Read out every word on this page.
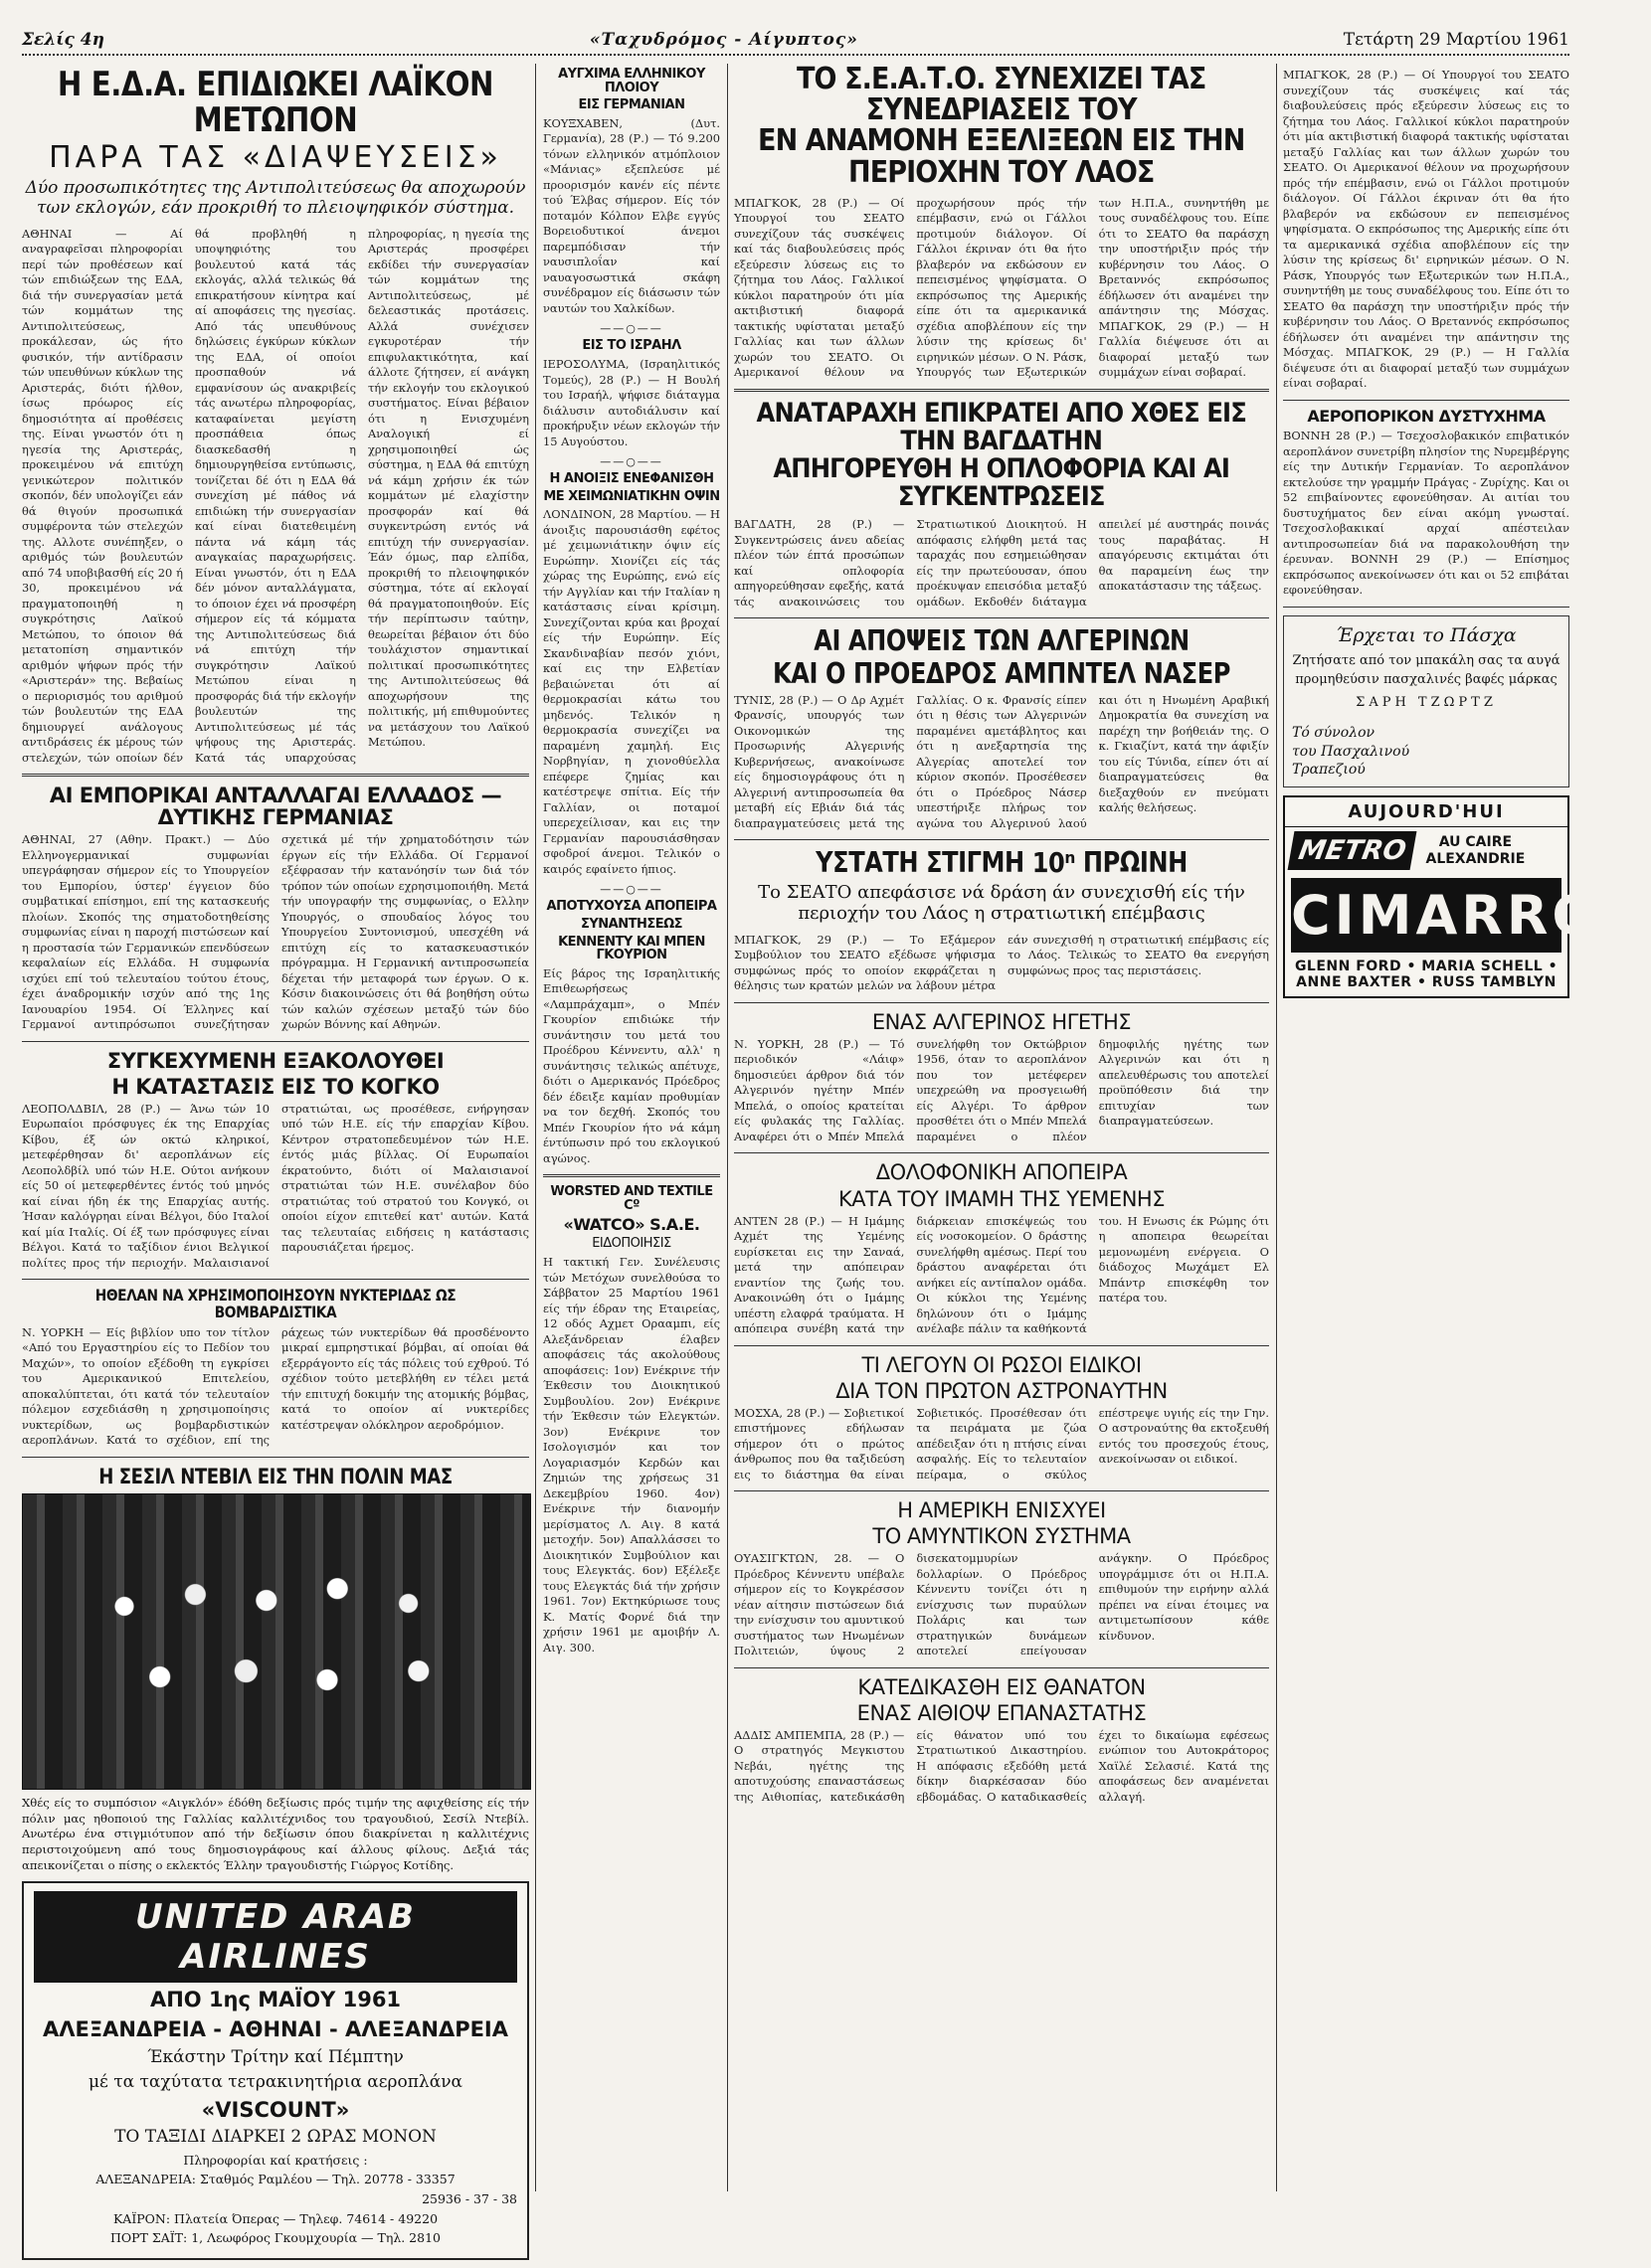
Σελίς 4η	«Ταχυδρόμος - Αίγυπτος»	Τετάρτη 29 Μαρτίου 1961
Η Ε.Δ.Α. ΕΠΙΔΙΩΚΕΙ ΛΑΪΚΟΝ ΜΕΤΩΠΟΝ
ΠΑΡΑ ΤΑΣ «ΔΙΑΨΕΥΣΕΙΣ»
Δύο προσωπικότητες της Αντιπολιτεύσεως θα αποχωρούν των εκλογών, εάν προκριθή το πλειοψηφικόν σύστημα.
ΑΘΗΝΑΙ — Αί αναγραφεῖσαι πληροφορίαι περί τών προθέσεων καί τών επιδιώξεων της ΕΔΑ, διά τήν συνεργασίαν μετά τών κομμάτων της Αντιπολιτεύσεως, προκάλεσαν, ώς ήτο φυσικόν, τήν αντίδρασιν τών υπευθύνων κύκλων της Αριστεράς, διότι ήλθον, ίσως πρόωρος είς δημοσιότητα αί προθέσεις της. Είναι γνωστόν ότι η ηγεσία της Αριστεράς, προκειμένου νά επιτύχη γενικώτερον πολιτικόν σκοπόν, δέν υπολογίζει εάν θά θιγούν προσωπικά συμφέροντα τών στελεχών της. Αλλοτε συνέπηξεν, ο αριθμός τών βουλευτών από 74 υποβιβασθή είς 20 ή 30, προκειμένου νά πραγματοποιηθή η συγκρότησις Λαϊκού Μετώπου, το όποιον θά μετατοπίση σημαντικόν αριθμόν ψήφων πρός τήν «Αριστεράν» της. Βεβαίως ο περιορισμός του αριθμού τών βουλευτών της ΕΔΑ δημιουργεί ανάλογους αντιδράσεις έκ μέρους τών στελεχών, τών οποίων δέν θά προβληθή η υποψηφιότης του βουλευτού κατά τάς εκλογάς, αλλά τελικώς θά επικρατήσουν κίνητρα καί αί αποφάσεις της ηγεσίας. Από τάς υπευθύνους δηλώσεις έγκύρων κύκλων της ΕΔΑ, οί οποίοι προσπαθούν νά εμφανίσουν ώς ανακριβείς τάς ανωτέρω πληροφορίας, καταφαίνεται μεγίστη προσπάθεια όπως διασκεδασθή η δημιουργηθείσα εντύπωσις, τονίζεται δέ ότι η ΕΔΑ θά συνεχίση μέ πάθος νά επιδιώκη τήν συνεργασίαν καί είναι διατεθειμένη πάντα νά κάμη τάς αναγκαίας παραχωρήσεις. Είναι γνωστόν, ότι η ΕΔΑ δέν μόνον ανταλλάγματα, το όποιον έχει νά προσφέρη σήμερον είς τά κόμματα της Αντιπολιτεύσεως διά νά επιτύχη τήν συγκρότησιν Λαϊκού Μετώπου είναι η προσφοράς διά τήν εκλογήν βουλευτών της Αντιπολιτεύσεως μέ τάς ψήφους της Αριστεράς. Κατά τάς υπαρχούσας πληροφορίας, η ηγεσία της Αριστεράς προσφέρει εκδίδει τήν συνεργασίαν τών κομμάτων της Αντιπολιτεύσεως, μέ δελεαστικάς προτάσεις. Αλλά συνέχισεν εγκυροτέραν τήν επιφυλακτικότητα, καί άλλοτε ζήτησεν, εί ανάγκη τήν εκλογήν του εκλογικού συστήματος. Είναι βέβαιον ότι η Ενισχυμένη Αναλογική εί χρησιμοποιηθεί ώς σύστημα, η ΕΔΑ θά επιτύχη νά κάμη χρήσιν έκ τών κομμάτων μέ ελαχίστην προσφοράν καί θά συγκεντρώση εντός νά επιτύχη τήν συνεργασίαν. Έάν όμως, παρ ελπίδα, προκριθή το πλειοψηφικόν σύστημα, τότε αί εκλογαί θά πραγματοποιηθούν. Είς τήν περίπτωσιν ταύτην, θεωρείται βέβαιον ότι δύο τουλάχιστον σημαντικαί πολιτικαί προσωπικότητες της Αντιπολιτεύσεως θά αποχωρήσουν της πολιτικής, μή επιθυμούντες να μετάσχουν του Λαϊκού Μετώπου.
ΑΙ ΕΜΠΟΡΙΚΑΙ ΑΝΤΑΛΛΑΓΑΙ ΕΛΛΑΔΟΣ — ΔΥΤΙΚΗΣ ΓΕΡΜΑΝΙΑΣ
ΑΘΗΝΑΙ, 27 (Αθην. Πρακτ.) — Δύο Ελληνογερμανικαί συμφωνίαι υπεγράφησαν σήμερον είς το Υπουργείον του Εμπορίου, ύστερ' έγγειον δύο συμβατικαί επίσημοι, επί της κατασκευής πλοίων. Σκοπός της σηματοδοτηθείσης συμφωνίας είναι η παροχή πιστώσεων καί η προστασία τών Γερμανικών επενδύσεων κεφαλαίων είς Ελλάδα. Η συμφωνία ισχύει επί τού τελευταίου τούτου έτους, έχει άναδρομικήν ισχύν από της 1ης Ιανουαρίου 1954. Οί Έλληνες καί Γερμανοί αντιπρόσωποι συνεζήτησαν σχετικά μέ τήν χρηματοδότησιν τών έργων είς τήν Ελλάδα. Οί Γερμανοί εξέφρασαν τήν κατανόησίν των διά τόν τρόπον τών οποίων εχρησιμοποιήθη. Μετά τήν υπογραφήν της συμφωνίας, ο Ελλην Υπουργός, ο σπουδαίος λόγος του Υπουργείου Συντονισμού, υπεσχέθη νά επιτύχη είς το κατασκευαστικόν πρόγραμμα. Η Γερμανική αντιπροσωπεία δέχεται τήν μεταφορά των έργων. Ο κ. Κόσιν διακοινώσεις ότι θά βοηθήση ούτω τών καλών σχέσεων μεταξύ τών δύο χωρών Βόννης καί Αθηνών.
ΣΥΓΚΕΧΥΜΕΝΗ ΕΞΑΚΟΛΟΥΘΕΙ
Η ΚΑΤΑΣΤΑΣΙΣ ΕΙΣ ΤΟ ΚΟΓΚΟ
ΛΕΟΠΟΛΔΒΙΛ, 28 (Ρ.) — Άνω τών 10 Ευρωπαίοι πρόσφυγες έκ της Επαρχίας Κίβου, έξ ών οκτώ κληρικοί, μετεφέρθησαν δι' αεροπλάνων είς Λεοπολδβίλ υπό τών Η.Ε. Ούτοι ανήκουν είς 50 οί μετεφερθέντες έντός τού μηνός καί είναι ήδη έκ της Επαρχίας αυτής. Ήσαν καλόγρηαι είναι Βέλγοι, δύο Ιταλοί καί μία Ιταλίς. Οί έξ των πρόσφυγες είναι Βέλγοι. Κατά το ταξίδιον ένιοι Βελγικοί πολίτες προς τήν περιοχήν. Μαλαισιανοί στρατιώται, ως προσέθεσε, ενήργησαν υπό τών Η.Ε. είς τήν επαρχίαν Κίβου. Κέντρον στρατοπεδευμένον τών Η.Ε. έντός μιάς βίλλας. Οί Ευρωπαίοι έκρατούντο, διότι οί Μαλαισιανοί στρατιώται τών Η.Ε. συνέλαβον δύο στρατιώτας τού στρατού του Κονγκό, οι οποίοι είχον επιτεθεί κατ' αυτών. Κατά τας τελευταίας ειδήσεις η κατάστασις παρουσιάζεται ήρεμος.
ΗΘΕΛΑΝ ΝΑ ΧΡΗΣΙΜΟΠΟΙΗΣΟΥΝ ΝΥΚΤΕΡΙΔΑΣ ΩΣ ΒΟΜΒΑΡΔΙΣΤΙΚΑ
Ν. ΥΟΡΚΗ — Είς βιβλίον υπο τον τίτλον «Από του Εργαστηρίου είς το Πεδίον του Μαχών», το οποίον εξέδοθη τη εγκρίσει του Αμερικανικού Επιτελείου, αποκαλύπτεται, ότι κατά τόν τελευταίον πόλεμον εσχεδιάσθη η χρησιμοποίησις νυκτερίδων, ως βομβαρδιστικών αεροπλάνων. Κατά το σχέδιον, επί της ράχεως τών νυκτερίδων θά προσδένοντο μικραί εμπρηστικαί βόμβαι, αί οποίαι θά εξερράγοντο είς τάς πόλεις τού εχθρού. Τό σχέδιον τούτο μετεβλήθη εν τέλει μετά τήν επιτυχή δοκιμήν της ατομικής βόμβας, κατά το οποίον αί νυκτερίδες κατέστρεψαν ολόκληρον αεροδρόμιον.
Η ΣΕΣΙΛ ΝΤΕΒΙΛ ΕΙΣ ΤΗΝ ΠΟΛΙΝ ΜΑΣ
Χθές είς το συμπόσιον «Αιγκλόν» έδόθη δεξίωσις πρός τιμήν της αφιχθείσης είς τήν πόλιν μας ηθοποιού της Γαλλίας καλλιτέχνιδος του τραγουδιού, Σεσίλ Ντεβίλ. Ανωτέρω ένα στιγμιότυπον από τήν δεξίωσιν όπου διακρίνεται η καλλιτέχνις περιστοιχούμενη από τους δημοσιογράφους καί άλλους φίλους. Δεξιά τάς απεικονίζεται ο πίσης ο εκλεκτός Έλλην τραγουδιστής Γιώργος Κοτίδης.
UNITED ARAB AIRLINES
ΑΠΟ 1ης ΜΑΪΟΥ 1961
ΑΛΕΞΑΝΔΡΕΙΑ - ΑΘΗΝΑΙ - ΑΛΕΞΑΝΔΡΕΙΑ
Έκάστην Τρίτην καί Πέμπτην
μέ τα ταχύτατα τετρακινητήρια αεροπλάνα
«VISCOUNT»
ΤΟ ΤΑΞΙΔΙ ΔΙΑΡΚΕΙ 2 ΩΡΑΣ ΜΟΝΟΝ
Πληροφορίαι καί κρατήσεις :
ΑΛΕΞΑΝΔΡΕΙΑ: Σταθμός Ραμλέου — Τηλ. 20778 - 33357
25936 - 37 - 38
ΚΑΪΡΟΝ: Πλατεία Όπερας — Τηλεφ. 74614 - 49220
ΠΟΡΤ ΣΑΪΤ: 1, Λεωφόρος Γκουμχουρία — Τηλ. 2810
ΑΥΓΧΙΜΑ ΕΛΛΗΝΙΚΟΥ ΠΛΟΙΟΥ
ΕΙΣ ΓΕΡΜΑΝΙΑΝ
ΚΟΥΞΧΑΒΕΝ, (Δυτ. Γερμανία), 28 (Ρ.) — Τό 9.200 τόνων ελληνικόν ατμόπλοιον «Μάνιας» εξεπλεύσε μέ προορισμόν κανέν είς πέντε τού Έλβας σήμερον. Είς τόν ποταμόν Κόλπον Ελβε εγγύς Βορειοδυτικοί άνεμοι παρεμπόδισαν τήν ναυσιπλοΐαν καί ναυαγοσωστικά σκάφη συνέδραμον είς διάσωσιν τών ναυτών του Χαλκίδων.
——○——
ΕΙΣ ΤΟ ΙΣΡΑΗΛ
ΙΕΡΟΣΟΛΥΜΑ, (Ισραηλιτικός Τομεύς), 28 (Ρ.) — Η Βουλή του Ισραήλ, ψήφισε διάταγμα διάλυσιν αυτοδιάλυσιν καί προκήρυξιν νέων εκλογών τήν 15 Αυγούστου.
——○——
Η ΑΝΟΙΞΙΣ ΕΝΕΦΑΝΙΣΘΗ
ΜΕ ΧΕΙΜΩΝΙΑΤΙΚΗΝ ΟΨΙΝ
ΛΟΝΔΙΝΟΝ, 28 Μαρτίου. — Η άνοιξις παρουσιάσθη εφέτος μέ χειμωνιάτικην όψιν είς Ευρώπην. Χιονίζει είς τάς χώρας της Ευρώπης, ενώ είς τήν Αγγλίαν και τήν Ιταλίαν η κατάστασις είναι κρίσιμη. Συνεχίζονται κρύα και βροχαί είς τήν Ευρώπην. Είς Σκανδιναβίαν πεσόν χιόνι, καί εις την Ελβετίαν βεβαιώνεται ότι αί θερμοκρασίαι κάτω του μηδενός. Τελικόν η θερμοκρασία συνεχίζει να παραμένη χαμηλή. Εις Νορβηγίαν, η χιονοθύελλα επέφερε ζημίας και κατέστρεψε σπίτια. Είς τήν Γαλλίαν, οι ποταμοί υπερεχείλισαν, και εις την Γερμανίαν παρουσιάσθησαν σφοδροί άνεμοι. Τελικόν ο καιρός εφαίνετο ήπιος.
——○——
ΑΠΟΤΥΧΟΥΣΑ ΑΠΟΠΕΙΡΑ
ΣΥΝΑΝΤΗΣΕΩΣ
ΚΕΝΝΕΝΤΥ ΚΑΙ ΜΠΕΝ ΓΚΟΥΡΙΟΝ
Είς βάρος της Ισραηλιτικής Επιθεωρήσεως «Λαμπράχαμπ», ο Μπέν Γκουρίον επιδιώκε τήν συνάντησιν του μετά του Προέδρου Κέννεντυ, αλλ' η συνάντησις τελικώς απέτυχε, διότι ο Αμερικανός Πρόεδρος δέν έδειξε καμίαν προθυμίαν να τον δεχθή. Σκοπός του Μπέν Γκουρίον ήτο νά κάμη έντύπωσιν πρό του εκλογικού αγώνος.
WORSTED AND TEXTILE Cº
«WATCO» S.A.E.
ΕΙΔΟΠΟΙΗΣΙΣ
Η τακτική Γεν. Συνέλευσις τών Μετόχων συνελθούσα το Σάββατον 25 Μαρτίου 1961 είς τήν έδραν της Εταιρείας, 12 οδός Αχμετ Ορααμπι, είς Αλεξάνδρειαν έλαβεν αποφάσεις τάς ακολούθους αποφάσεις: 1ον) Ενέκρινε τήν Έκθεσιν του Διοικητικού Συμβουλίου. 2ον) Ενέκρινε τήν Έκθεσιν τών Ελεγκτών. 3ον) Ενέκρινε τον Ισολογισμόν και τον Λογαριασμόν Κερδών και Ζημιών της χρήσεως 31 Δεκεμβρίου 1960. 4ον) Ενέκρινε τήν διανομήν μερίσματος Λ. Αιγ. 8 κατά μετοχήν. 5ον) Απαλλάσσει το Διοικητικόν Συμβούλιον και τους Ελεγκτάς. 6ον) Εξέλεξε τους Ελεγκτάς διά τήν χρήσιν 1961. 7ον) Εκτηκύριωσε τους Κ. Ματίς Φορνέ διά την χρήσιν 1961 με αμοιβήν Λ. Αιγ. 300.
ΤΟ Σ.Ε.Α.Τ.Ο. ΣΥΝΕΧΙΖΕΙ ΤΑΣ ΣΥΝΕΔΡΙΑΣΕΙΣ ΤΟΥ
ΕΝ ΑΝΑΜΟΝΗ ΕΞΕΛΙΞΕΩΝ ΕΙΣ ΤΗΝ ΠΕΡΙΟΧΗΝ ΤΟΥ ΛΑΟΣ
ΜΠΑΓΚΟΚ, 28 (Ρ.) — Οί Υπουργοί του ΣΕΑΤΟ συνεχίζουν τάς συσκέψεις καί τάς διαβουλεύσεις πρός εξεύρεσιν λύσεως εις το ζήτημα του Λάος. Γαλλικοί κύκλοι παρατηρούν ότι μία ακτιβιστική διαφορά τακτικής υφίσταται μεταξύ Γαλλίας και των άλλων χωρών του ΣΕΑΤΟ. Οι Αμερικανοί θέλουν να προχωρήσουν πρός τήν επέμβασιν, ενώ οι Γάλλοι προτιμούν διάλογον. Οί Γάλλοι έκριναν ότι θα ήτο βλαβερόν να εκδώσουν εν πεπεισμένος ψηφίσματα. Ο εκπρόσωπος της Αμερικής είπε ότι τα αμερικανικά σχέδια αποβλέπουν είς την λύσιν της κρίσεως δι' ειρηνικών μέσων. Ο Ν. Ράσκ, Υπουργός των Εξωτερικών των Η.Π.Α., συνηντήθη με τους συναδέλφους του. Είπε ότι το ΣΕΑΤΟ θα παράσχη την υποστήριξιν πρός τήν κυβέρνησιν του Λάος. Ο Βρεταννός εκπρόσωπος έδήλωσεν ότι αναμένει την απάντησιν της Μόσχας. ΜΠΑΓΚΟΚ, 29 (Ρ.) — Η Γαλλία διέψευσε ότι αι διαφοραί μεταξύ των συμμάχων είναι σοβαραί.
ΑΝΑΤΑΡΑΧΗ ΕΠΙΚΡΑΤΕΙ ΑΠΟ ΧΘΕΣ ΕΙΣ ΤΗΝ ΒΑΓΔΑΤΗΝ
ΑΠΗΓΟΡΕΥΘΗ Η ΟΠΛΟΦΟΡΙΑ ΚΑΙ ΑΙ ΣΥΓΚΕΝΤΡΩΣΕΙΣ
ΒΑΓΔΑΤΗ, 28 (Ρ.) — Συγκεντρώσεις άνευ αδείας πλέον τών έπτά προσώπων καί οπλοφορία απηγορεύθησαν εφεξής, κατά τάς ανακοινώσεις του Στρατιωτικού Διοικητού. Η απόφασις ελήφθη μετά τας ταραχάς που εσημειώθησαν είς την πρωτεύουσαν, όπου προέκυψαν επεισόδια μεταξύ ομάδων. Εκδοθέν διάταγμα απειλεί μέ αυστηράς ποινάς τους παραβάτας. Η απαγόρευσις εκτιμάται ότι θα παραμείνη έως την αποκατάστασιν της τάξεως.
ΑΙ ΑΠΟΨΕΙΣ ΤΩΝ ΑΛΓΕΡΙΝΩΝ
ΚΑΙ Ο ΠΡΟΕΔΡΟΣ ΑΜΠΝΤΕΛ ΝΑΣΕΡ
ΤΥΝΙΣ, 28 (Ρ.) — Ο Δρ Αχμέτ Φρανσίς, υπουργός των Οικονομικών της Προσωρινής Αλγερινής Κυβερνήσεως, ανακοίνωσε είς δημοσιογράφους ότι η Αλγερινή αντιπροσωπεία θα μεταβή είς Εβιάν διά τάς διαπραγματεύσεις μετά της Γαλλίας. Ο κ. Φρανσίς είπεν ότι η θέσις των Αλγερινών παραμένει αμετάβλητος και ότι η ανεξαρτησία της Αλγερίας αποτελεί τον κύριον σκοπόν. Προσέθεσεν ότι ο Πρόεδρος Νάσερ υπεστήριξε πλήρως τον αγώνα του Αλγερινού λαού και ότι η Ηνωμένη Αραβική Δημοκρατία θα συνεχίση να παρέχη την βοήθειάν της. Ο κ. Γκιαζίντ, κατά την άφιξίν του είς Τύνιδα, είπεν ότι αί διαπραγματεύσεις θα διεξαχθούν εν πνεύματι καλής θελήσεως.
ΥΣΤΑΤΗ ΣΤΙΓΜΗ 10ⁿ ΠΡΩΙΝΗ
Το ΣΕΑΤΟ απεφάσισε νά δράση άν συνεχισθή είς τήν περιοχήν του Λάος η στρατιωτική επέμβασις
ΜΠΑΓΚΟΚ, 29 (Ρ.) — Το Εξάμερον Συμβούλιον του ΣΕΑΤΟ εξέδωσε ψήφισμα συμφώνως πρός το οποίον εκφράζεται η θέλησις των κρατών μελών να λάβουν μέτρα εάν συνεχισθή η στρατιωτική επέμβασις είς το Λάος. Τελικώς το ΣΕΑΤΟ θα ενεργήση συμφώνως προς τας περιστάσεις.
ΕΝΑΣ ΑΛΓΕΡΙΝΟΣ ΗΓΕΤΗΣ
Ν. ΥΟΡΚΗ, 28 (Ρ.) — Τό περιοδικόν «Λάιφ» δημοσιεύει άρθρον διά τόν Αλγερινόν ηγέτην Μπέν Μπελά, ο οποίος κρατείται είς φυλακάς της Γαλλίας. Αναφέρει ότι ο Μπέν Μπελά συνελήφθη τον Οκτώβριον 1956, όταν το αεροπλάνον που τον μετέφερεν υπεχρεώθη να προσγειωθή είς Αλγέρι. Το άρθρον προσθέτει ότι ο Μπέν Μπελά παραμένει ο πλέον δημοφιλής ηγέτης των Αλγερινών και ότι η απελευθέρωσις του αποτελεί προϋπόθεσιν διά την επιτυχίαν των διαπραγματεύσεων.
ΔΟΛΟΦΟΝΙΚΗ ΑΠΟΠΕΙΡΑ
ΚΑΤΑ ΤΟΥ ΙΜΑΜΗ ΤΗΣ ΥΕΜΕΝΗΣ
ΑΝΤΕΝ 28 (Ρ.) — Η Ιμάμης Αχμέτ της Υεμένης ευρίσκεται εις την Σαναά, μετά την απόπειραν εναντίον της ζωής του. Ανακοινώθη ότι ο Ιμάμης υπέστη ελαφρά τραύματα. Η απόπειρα συνέβη κατά την διάρκειαν επισκέψεώς του είς νοσοκομείον. Ο δράστης συνελήφθη αμέσως. Περί του δράστου αναφέρεται ότι ανήκει είς αντίπαλον ομάδα. Οι κύκλοι της Υεμένης δηλώνουν ότι ο Ιμάμης ανέλαβε πάλιν τα καθήκοντά του. Η Ενωσις έκ Ρώμης ότι η αποπειρα θεωρείται μεμονωμένη ενέργεια. Ο διάδοχος Μωχάμετ Ελ Μπάντρ επισκέφθη τον πατέρα του.
ΤΙ ΛΕΓΟΥΝ ΟΙ ΡΩΣΟΙ ΕΙΔΙΚΟΙ
ΔΙΑ ΤΟΝ ΠΡΩΤΟΝ ΑΣΤΡΟΝΑΥΤΗΝ
ΜΟΣΧΑ, 28 (Ρ.) — Σοβιετικοί επιστήμονες εδήλωσαν σήμερον ότι ο πρώτος άνθρωπος που θα ταξιδεύση εις το διάστημα θα είναι Σοβιετικός. Προσέθεσαν ότι τα πειράματα με ζώα απέδειξαν ότι η πτήσις είναι ασφαλής. Είς το τελευταίον πείραμα, ο σκύλος επέστρεψε υγιής είς την Γην. Ο αστροναύτης θα εκτοξευθή εντός του προσεχούς έτους, ανεκοίνωσαν οι ειδικοί.
Η ΑΜΕΡΙΚΗ ΕΝΙΣΧΥΕΙ
ΤΟ ΑΜΥΝΤΙΚΟΝ ΣΥΣΤΗΜΑ
ΟΥΑΣΙΓΚΤΩΝ, 28. — Ο Πρόεδρος Κέννεντυ υπέβαλε σήμερον είς το Κογκρέσσον νέαν αίτησιν πιστώσεων διά την ενίσχυσιν του αμυντικού συστήματος των Ηνωμένων Πολιτειών, ύψους 2 δισεκατομμυρίων δολλαρίων. Ο Πρόεδρος Κέννεντυ τονίζει ότι η ενίσχυσις των πυραύλων Πολάρις και των στρατηγικών δυνάμεων αποτελεί επείγουσαν ανάγκην. Ο Πρόεδρος υπογράμμισε ότι οι Η.Π.Α. επιθυμούν την ειρήνην αλλά πρέπει να είναι έτοιμες να αντιμετωπίσουν κάθε κίνδυνον.
ΚΑΤΕΔΙΚΑΣΘΗ ΕΙΣ ΘΑΝΑΤΟΝ
ΕΝΑΣ ΑΙΘΙΟΨ ΕΠΑΝΑΣΤΑΤΗΣ
ΑΔΔΙΣ ΑΜΠΕΜΠΑ, 28 (Ρ.) — Ο στρατηγός Μεγκιστου Νεβάι, ηγέτης της αποτυχούσης επαναστάσεως της Αιθιοπίας, κατεδικάσθη είς θάνατον υπό του Στρατιωτικού Δικαστηρίου. Η απόφασις εξεδόθη μετά δίκην διαρκέσασαν δύο εβδομάδας. Ο καταδικασθείς έχει το δικαίωμα εφέσεως ενώπιον του Αυτοκράτορος Χαϊλέ Σελασιέ. Κατά της αποφάσεως δεν αναμένεται αλλαγή.
ΜΠΑΓΚΟΚ, 28 (Ρ.) — Οί Υπουργοί του ΣΕΑΤΟ συνεχίζουν τάς συσκέψεις καί τάς διαβουλεύσεις πρός εξεύρεσιν λύσεως εις το ζήτημα του Λάος. Γαλλικοί κύκλοι παρατηρούν ότι μία ακτιβιστική διαφορά τακτικής υφίσταται μεταξύ Γαλλίας και των άλλων χωρών του ΣΕΑΤΟ. Οι Αμερικανοί θέλουν να προχωρήσουν πρός τήν επέμβασιν, ενώ οι Γάλλοι προτιμούν διάλογον. Οί Γάλλοι έκριναν ότι θα ήτο βλαβερόν να εκδώσουν εν πεπεισμένος ψηφίσματα. Ο εκπρόσωπος της Αμερικής είπε ότι τα αμερικανικά σχέδια αποβλέπουν είς την λύσιν της κρίσεως δι' ειρηνικών μέσων. Ο Ν. Ράσκ, Υπουργός των Εξωτερικών των Η.Π.Α., συνηντήθη με τους συναδέλφους του. Είπε ότι το ΣΕΑΤΟ θα παράσχη την υποστήριξιν πρός τήν κυβέρνησιν του Λάος. Ο Βρεταννός εκπρόσωπος έδήλωσεν ότι αναμένει την απάντησιν της Μόσχας. ΜΠΑΓΚΟΚ, 29 (Ρ.) — Η Γαλλία διέψευσε ότι αι διαφοραί μεταξύ των συμμάχων είναι σοβαραί.
ΑΕΡΟΠΟΡΙΚΟΝ ΔΥΣΤΥΧΗΜΑ
ΒΟΝΝΗ 28 (Ρ.) — Τσεχοσλοβακικόν επιβατικόν αεροπλάνον συνετρίβη πλησίον της Νυρεμβέργης είς την Δυτικήν Γερμανίαν. Το αεροπλάνον εκτελούσε την γραμμήν Πράγας - Ζυρίχης. Και οι 52 επιβαίνοντες εφονεύθησαν. Αι αιτίαι του δυστυχήματος δεν είναι ακόμη γνωσταί. Τσεχοσλοβακικαί αρχαί απέστειλαν αντιπροσωπείαν διά να παρακολουθήση την έρευναν. ΒΟΝΝΗ 29 (Ρ.) — Επίσημος εκπρόσωπος ανεκοίνωσεν ότι και οι 52 επιβάται εφονεύθησαν.
Έρχεται το Πάσχα
Ζητήσατε από τον μπακάλη σας τα αυγά προμηθεύσιν πασχαλινές βαφές μάρκας
ΣΑΡΗ ΤΖΩΡΤΖ
Τό σύνολον
του Πασχαλινού
Τραπεζιού
AUJOURD'HUI
METRO	AU CAIRE
ALEXANDRIE
CIMARRON
GLENN FORD • MARIA SCHELL • ANNE BAXTER • RUSS TAMBLYN
